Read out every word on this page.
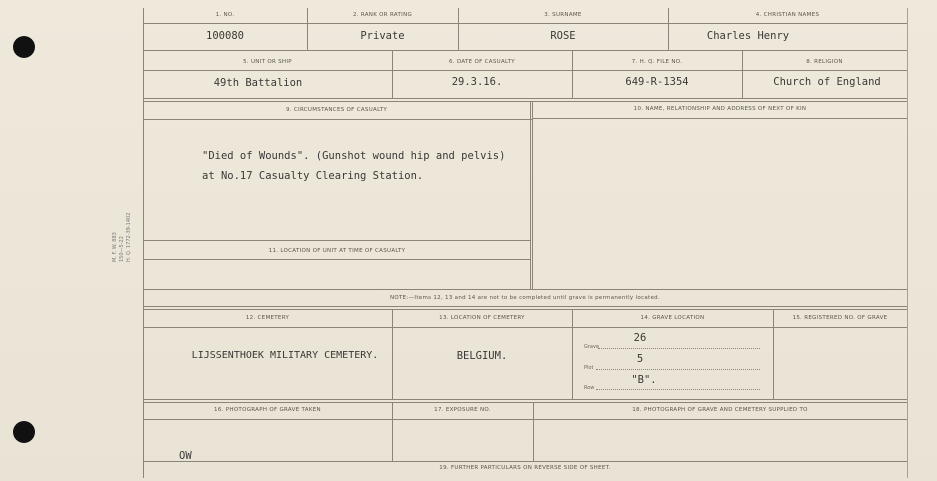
M. F. W. 883
150—5-22
H. Q. 1772-39-1402
1. NO.	2. RANK OR RATING	3. SURNAME	4. CHRISTIAN NAMES
100080	Private	ROSE	Charles Henry
5. UNIT OR SHIP	6. DATE OF CASUALTY	7. H. Q. FILE NO.	8. RELIGION
49th Battalion	29.3.16.	649-R-1354	Church of England
9. CIRCUMSTANCES OF CASUALTY	10. NAME, RELATIONSHIP AND ADDRESS OF NEXT OF KIN
"Died of Wounds". (Gunshot wound hip and pelvis)
at No.17 Casualty Clearing Station.
11. LOCATION OF UNIT AT TIME OF CASUALTY
NOTE:—Items 12, 13 and 14 are not to be completed until grave is permanently located.
12. CEMETERY	13. LOCATION OF CEMETERY	14. GRAVE LOCATION	15. REGISTERED NO. OF GRAVE
LIJSSENTHOEK MILITARY CEMETERY.	BELGIUM.
Grave
26
Plot
5
Row
"B".
16. PHOTOGRAPH OF GRAVE TAKEN	17. EXPOSURE NO.	18. PHOTOGRAPH OF GRAVE AND CEMETERY SUPPLIED TO
OW
19. FURTHER PARTICULARS ON REVERSE SIDE OF SHEET.
